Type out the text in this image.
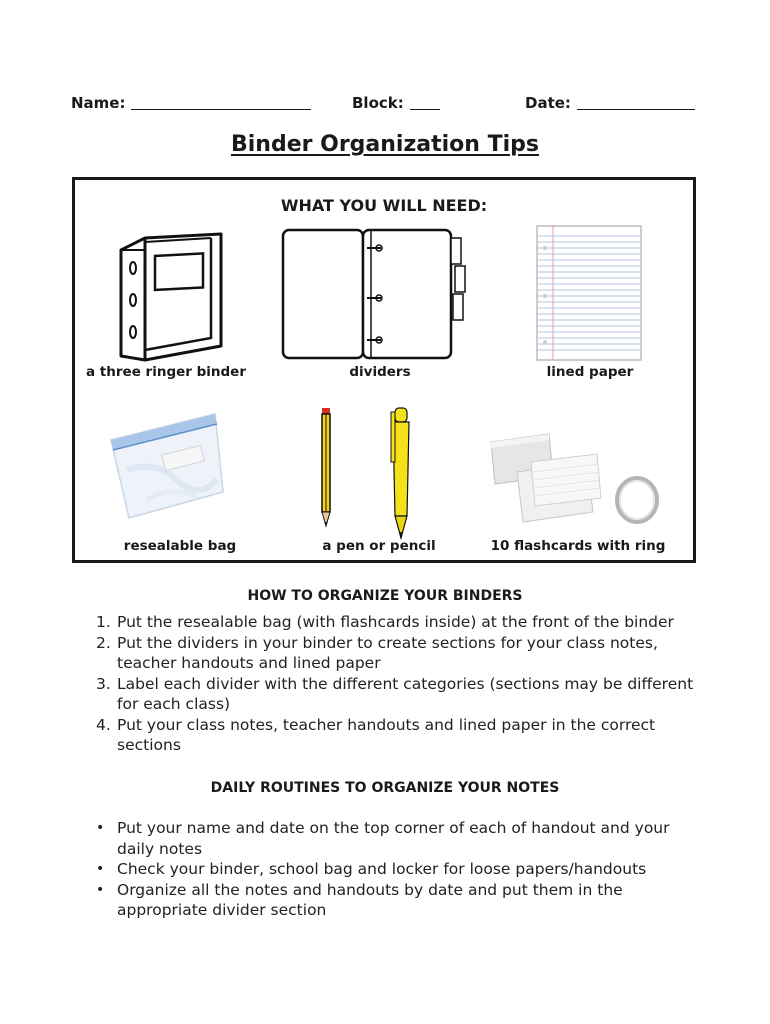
Name:	Block:	Date:
Binder Organization Tips
WHAT YOU WILL NEED:
a three ringer binder	dividers	lined paper
resealable bag	a pen or pencil	10 flashcards with ring
HOW TO ORGANIZE YOUR BINDERS
1. Put the resealable bag (with flashcards inside) at the front of the binder
2. Put the dividers in your binder to create sections for your class notes, teacher handouts and lined paper
3. Label each divider with the different categories (sections may be different for each class)
4. Put your class notes, teacher handouts and lined paper in the correct sections
DAILY ROUTINES TO ORGANIZE YOUR NOTES
• Put your name and date on the top corner of each of handout and your daily notes
• Check your binder, school bag and locker for loose papers/handouts
• Organize all the notes and handouts by date and put them in the appropriate divider section
